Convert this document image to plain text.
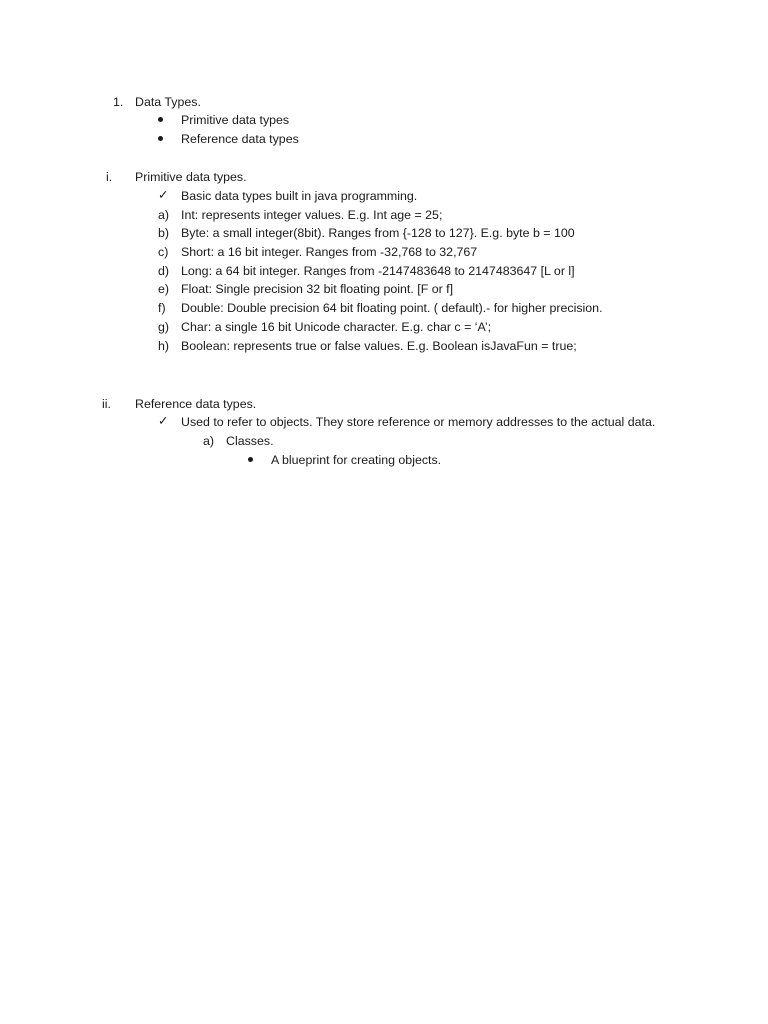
1. Data Types.
Primitive data types
Reference data types
i. Primitive data types.
✓ Basic data types built in java programming.
a) Int: represents integer values. E.g. Int age = 25;
b) Byte: a small integer(8bit). Ranges from {-128 to 127}. E.g. byte b = 100
c) Short: a 16 bit integer. Ranges from -32,768 to 32,767
d) Long: a 64 bit integer. Ranges from -2147483648 to 2147483647 [L or l]
e) Float: Single precision 32 bit floating point. [F or f]
f) Double: Double precision 64 bit floating point. ( default).- for higher precision.
g) Char: a single 16 bit Unicode character. E.g. char c = ‘A’;
h) Boolean: represents true or false values. E.g. Boolean isJavaFun = true;
ii. Reference data types.
✓ Used to refer to objects. They store reference or memory addresses to the actual data.
a) Classes.
A blueprint for creating objects.
